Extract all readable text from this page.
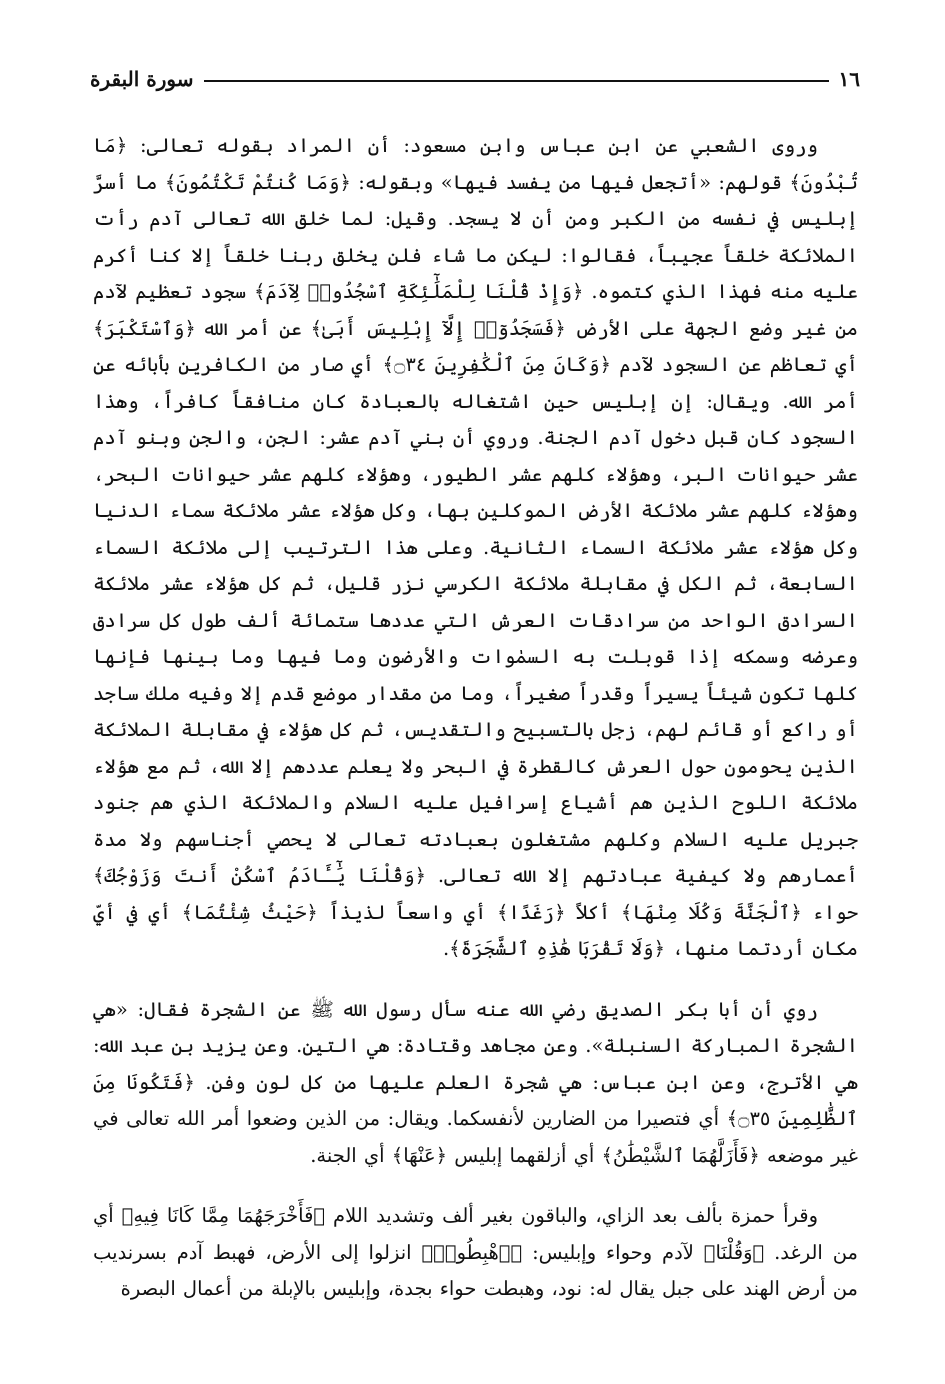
سورة البقرة	١٦

وروى الشعبي عن ابن عباس وابن مسعود: أن المراد بقوله تعالى: ﴿مَا تُبْدُونَ﴾ قولهم: «أتجعل فيها من يفسد فيها» وبقوله: ﴿وَمَا كُنتُمْ تَكْتُمُونَ﴾ ما أسرَّ إبليس في نفسه من الكبر ومن أن لا يسجد. وقيل: لما خلق الله تعالى آدم رأت الملائكة خلقاً عجيباً، فقالوا: ليكن ما شاء فلن يخلق ربنا خلقاً إلا كنا أكرم عليه منه فهذا الذي كتموه. ﴿وَإِذْ قُلْنَا لِلْمَلَٰٓئِكَةِ ٱسْجُدُوا۟ لِآدَمَ﴾ سجود تعظيم لآدم من غير وضع الجهة على الأرض ﴿فَسَجَدُوٓا۟ إِلَّآ إِبْلِيسَ أَبَىٰ﴾ عن أمر الله ﴿وَٱسْتَكْبَرَ﴾ أي تعاظم عن السجود لآدم ﴿وَكَانَ مِنَ ٱلْكَٰفِرِينَ ۝٣٤﴾ أي صار من الكافرين بأبائه عن أمر الله. ويقال: إن إبليس حين اشتغاله بالعبادة كان منافقاً كافراً، وهذا السجود كان قبل دخول آدم الجنة. وروي أن بني آدم عشر: الجن، والجن وبنو آدم عشر حيوانات البر، وهؤلاء كلهم عشر الطيور، وهؤلاء كلهم عشر حيوانات البحر، وهؤلاء كلهم عشر ملائكة الأرض الموكلين بها، وكل هؤلاء عشر ملائكة سماء الدنيا وكل هؤلاء عشر ملائكة السماء الثانية. وعلى هذا الترتيب إلى ملائكة السماء السابعة، ثم الكل في مقابلة ملائكة الكرسي نزر قليل، ثم كل هؤلاء عشر ملائكة السرادق الواحد من سرادقات العرش التي عددها ستمائة ألف طول كل سرادق وعرضه وسمكه إذا قوبلت به السمٰوات والأرضون وما فيها وما بينها فإنها كلها تكون شيئاً يسيراً وقدراً صغيراً، وما من مقدار موضع قدم إلا وفيه ملك ساجد أو راكع أو قائم لهم، زجل بالتسبيح والتقديس، ثم كل هؤلاء في مقابلة الملائكة الذين يحومون حول العرش كالقطرة في البحر ولا يعلم عددهم إلا الله، ثم مع هؤلاء ملائكة اللوح الذين هم أشياع إسرافيل عليه السلام والملائكة الذي هم جنود جبريل عليه السلام وكلهم مشتغلون بعبادته تعالى لا يحصي أجناسهم ولا مدة أعمارهم ولا كيفية عبادتهم إلا الله تعالى. ﴿وَقُلْنَا يَٰٓـَٔادَمُ ٱسْكُنْ أَنتَ وَزَوْجُكَ﴾ حواء ﴿ٱلْجَنَّةَ وَكُلَا مِنْهَا﴾ أكلاً ﴿رَغَدًا﴾ أي واسعاً لذيذاً ﴿حَيْثُ شِئْتُمَا﴾ أي في أيّ مكان أردتما منها، ﴿وَلَا تَقْرَبَا هَٰذِهِ ٱلشَّجَرَةَ﴾.

روي أن أبا بكر الصديق رضي الله عنه سأل رسول الله ﷺ عن الشجرة فقال: «هي الشجرة المباركة السنبلة». وعن مجاهد وقتادة: هي التين. وعن يزيد بن عبد الله: هي الأترج، وعن ابن عباس: هي شجرة العلم عليها من كل لون وفن. ﴿فَتَكُونَا مِنَ ٱلظَّٰلِمِينَ ۝٣٥﴾ أي فتصيرا من الضارين لأنفسكما. ويقال: من الذين وضعوا أمر الله تعالى في غير موضعه ﴿فَأَزَلَّهُمَا ٱلشَّيْطَٰنُ﴾ أي أزلقهما إبليس ﴿عَنْهَا﴾ أي الجنة.

وقرأ حمزة بألف بعد الزاي، والباقون بغير ألف وتشديد اللام ﴿فَأَخْرَجَهُمَا مِمَّا كَانَا فِيهِ﴾ أي من الرغد. ﴿وَقُلْنَا﴾ لآدم وحواء وإبليس: ﴿ٱهْبِطُوا۟﴾ انزلوا إلى الأرض، فهبط آدم بسرنديب من أرض الهند على جبل يقال له: نود، وهبطت حواء بجدة، وإبليس بالإبلة من أعمال البصرة
